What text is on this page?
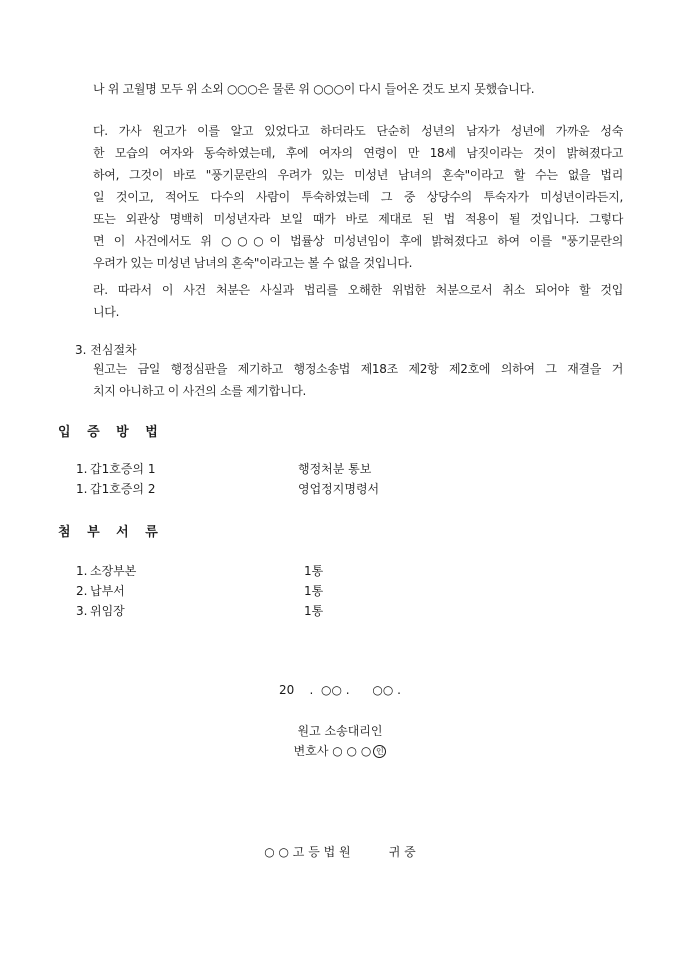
나 위 고월명 모두 위 소외 ○○○은 물론 위 ○○○이 다시 들어온 것도 보지 못했습니다.
다. 가사 원고가 이를 알고 있었다고 하더라도 단순히 성년의 남자가 성년에 가까운 성숙
한 모습의 여자와 동숙하였는데, 후에 여자의 연령이 만 18세 남짓이라는 것이 밝혀졌다고
하여, 그것이 바로 "풍기문란의 우려가 있는 미성년 남녀의 혼숙"이라고 할 수는 없을 법리
일 것이고, 적어도 다수의 사람이 투숙하였는데 그 중 상당수의 투숙자가 미성년이라든지,
또는 외관상 명백히 미성년자라 보일 때가 바로 제대로 된 법 적용이 될 것입니다. 그렇다
면 이 사건에서도 위 ○○○이 법률상 미성년임이 후에 밝혀졌다고 하여 이를 "풍기문란의
우려가 있는 미성년 남녀의 혼숙"이라고는 볼 수 없을 것입니다.
라. 따라서 이 사건 처분은 사실과 법리를 오해한 위법한 처분으로서 취소 되어야 할 것입
니다.
3. 전심절차
원고는 금일 행정심판을 제기하고 행정소송법 제18조 제2항 제2호에 의하여 그 재결을 거
치지 아니하고 이 사건의 소를 제기합니다.
입 증 방 법
1. 갑1호증의 1	행정처분 통보
1. 갑1호증의 2	영업정지명령서
첨 부 서 류
1. 소장부본	1통
2. 납부서	1통
3. 위임장	1통
20    .  ○○ .      ○○ .
원고 소송대리인
변호사 ○ ○ ○ 인
○ ○ 고 등 법 원          귀 중
